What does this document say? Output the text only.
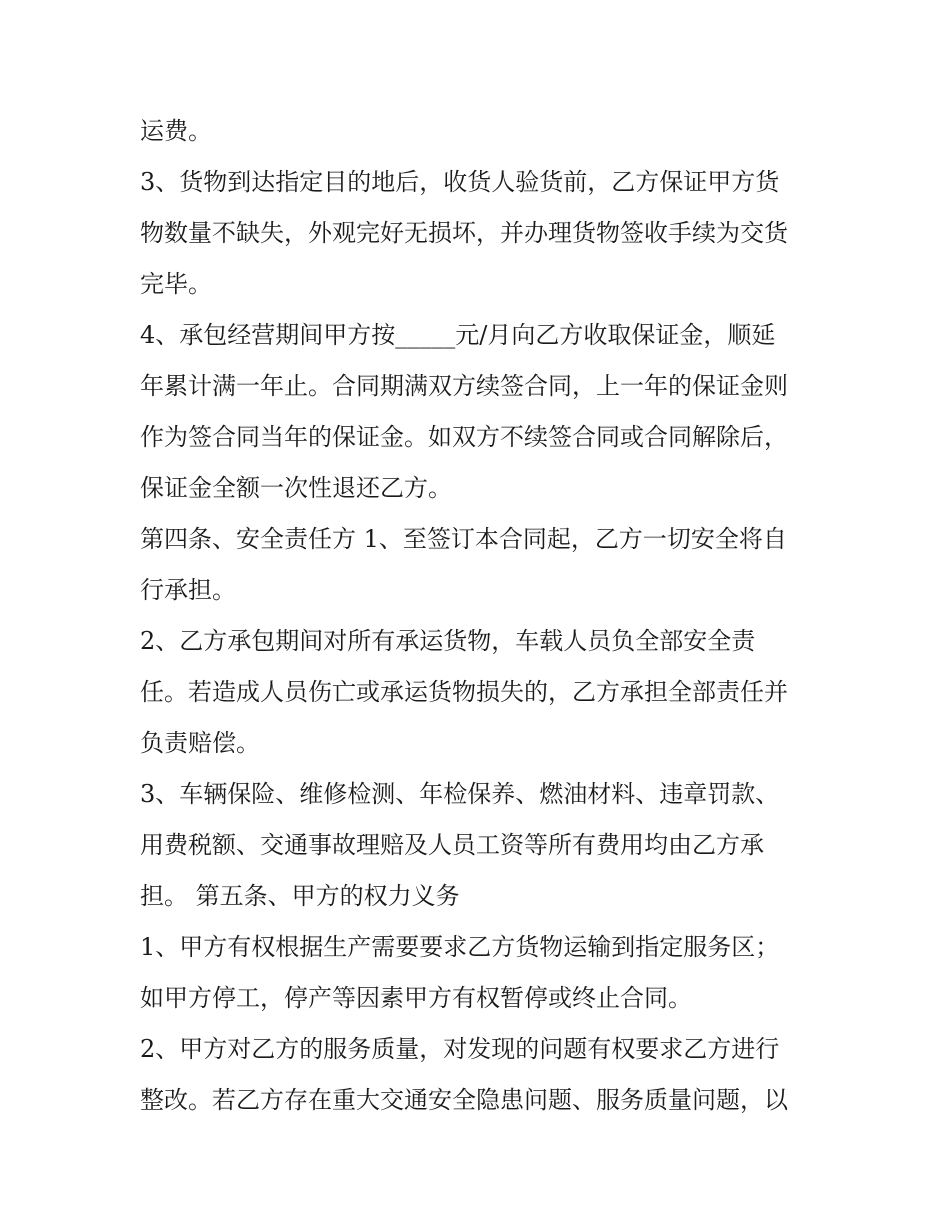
运费。
3、货物到达指定目的地后，收货人验货前，乙方保证甲方货
物数量不缺失，外观完好无损坏，并办理货物签收手续为交货
完毕。
4、承包经营期间甲方按_____元/月向乙方收取保证金，顺延
年累计满一年止。合同期满双方续签合同，上一年的保证金则
作为签合同当年的保证金。如双方不续签合同或合同解除后，
保证金全额一次性退还乙方。
第四条、安全责任方 1、至签订本合同起，乙方一切安全将自
行承担。
2、乙方承包期间对所有承运货物，车载人员负全部安全责
任。若造成人员伤亡或承运货物损失的，乙方承担全部责任并
负责赔偿。
3、车辆保险、维修检测、年检保养、燃油材料、违章罚款、
用费税额、交通事故理赔及人员工资等所有费用均由乙方承
担。 第五条、甲方的权力义务
1、甲方有权根据生产需要要求乙方货物运输到指定服务区；
如甲方停工，停产等因素甲方有权暂停或终止合同。
2、甲方对乙方的服务质量，对发现的问题有权要求乙方进行
整改。若乙方存在重大交通安全隐患问题、服务质量问题，以
